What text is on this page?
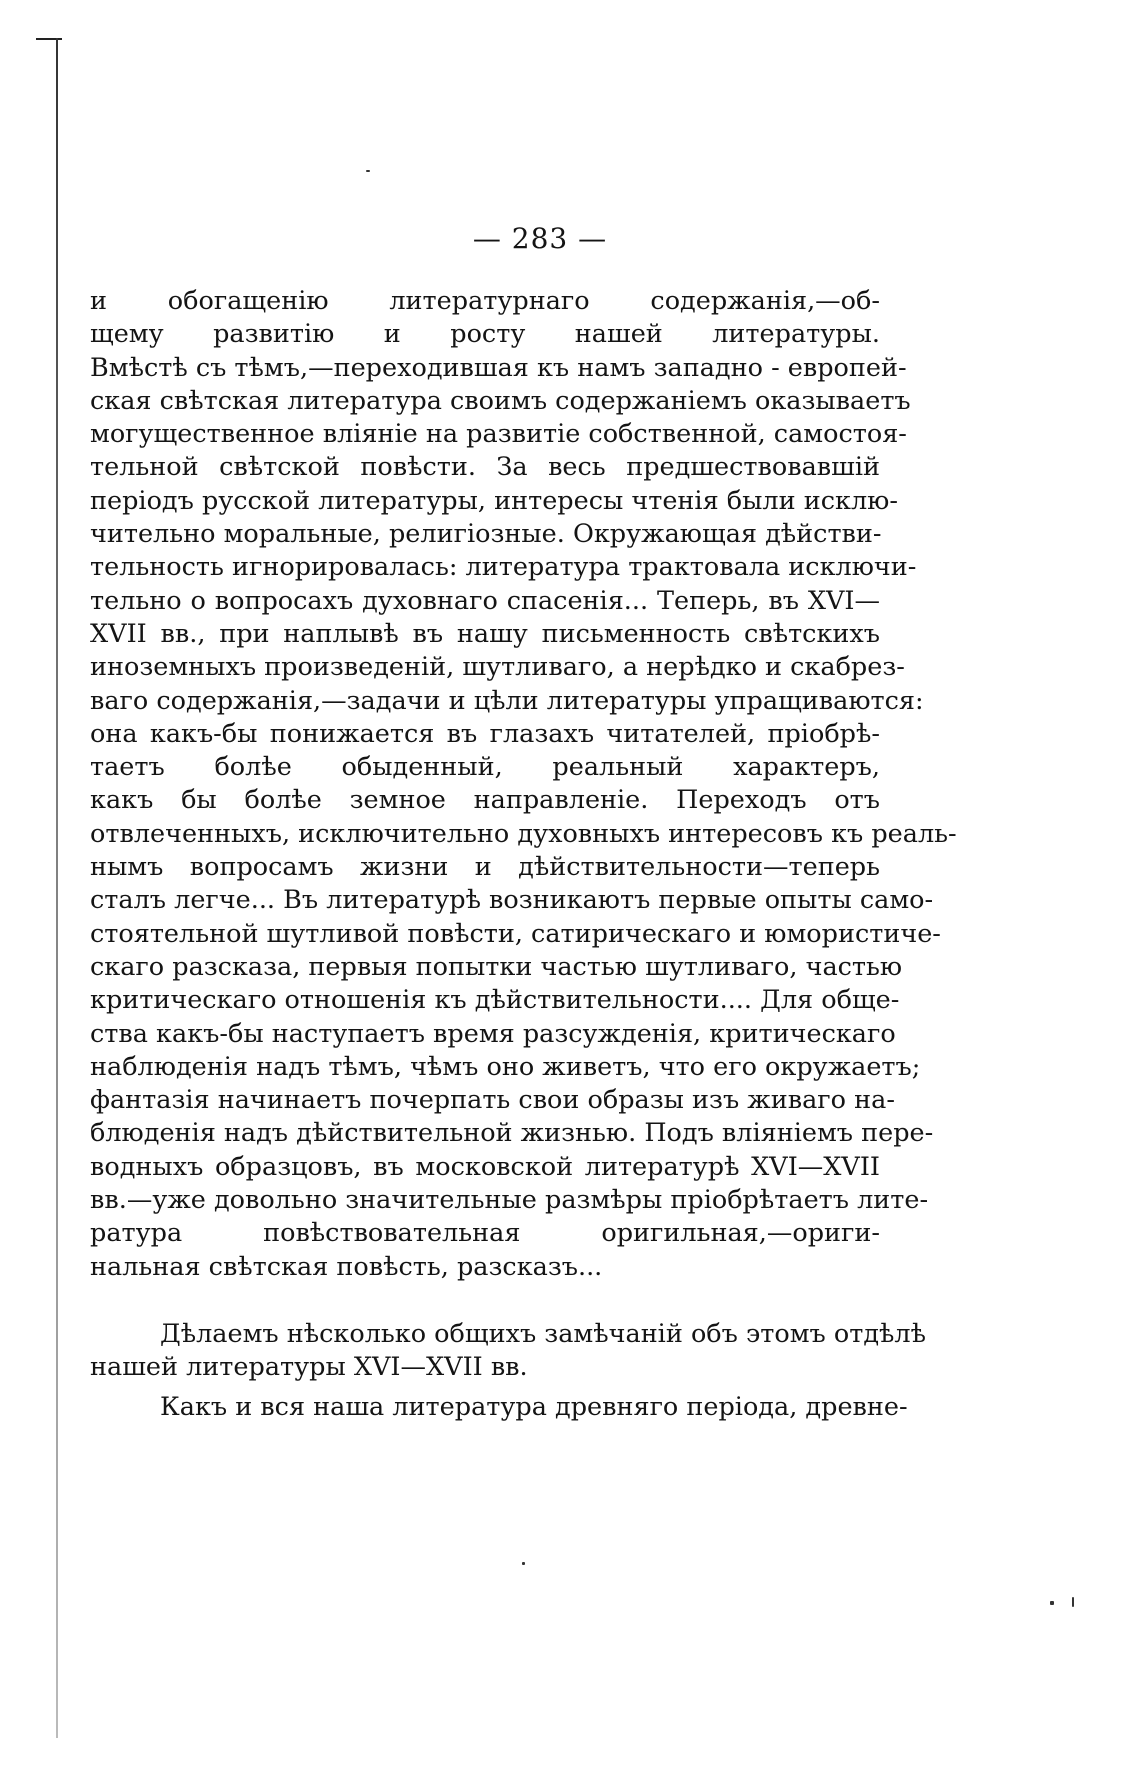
— 283 —
и обогащенію литературнаго содержанія,—об-
щему развитію и росту нашей литературы.
Вмѣстѣ съ тѣмъ,—переходившая къ намъ западно - европей-
ская свѣтская литература своимъ содержаніемъ оказываетъ
могущественное вліяніе на развитіе собственной, самостоя-
тельной свѣтской повѣсти. За весь предшествовавшій
періодъ русской литературы, интересы чтенія были исклю-
чительно моральные, религіозные. Окружающая дѣйстви-
тельность игнорировалась: литература трактовала исключи-
тельно о вопросахъ духовнаго спасенія... Теперь, въ XVI—
XVII вв., при наплывѣ въ нашу письменность свѣтскихъ
иноземныхъ произведеній, шутливаго, а нерѣдко и скабрез-
ваго содержанія,—задачи и цѣли литературы упращиваются:
она какъ-бы понижается въ глазахъ читателей, пріобрѣ-
таетъ болѣе обыденный, реальный характеръ,
какъ бы болѣе земное направленіе. Переходъ отъ
отвлеченныхъ, исключительно духовныхъ интересовъ къ реаль-
нымъ вопросамъ жизни и дѣйствительности—теперь
сталъ легче... Въ литературѣ возникаютъ первые опыты само-
стоятельной шутливой повѣсти, сатирическаго и юмористиче-
скаго разсказа, первыя попытки частью шутливаго, частью
критическаго отношенія къ дѣйствительности.... Для обще-
ства какъ-бы наступаетъ время разсужденія, критическаго
наблюденія надъ тѣмъ, чѣмъ оно живетъ, что его окружаетъ;
фантазія начинаетъ почерпать свои образы изъ живаго на-
блюденія надъ дѣйствительной жизнью. Подъ вліяніемъ пере-
водныхъ образцовъ, въ московской литературѣ XVI—XVII
вв.—уже довольно значительные размѣры пріобрѣтаетъ лите-
ратура повѣствовательная оригильная,—ориги-
нальная свѣтская повѣсть, разсказъ...
Дѣлаемъ нѣсколько общихъ замѣчаній объ этомъ отдѣлѣ
нашей литературы XVI—XVII вв.
Какъ и вся наша литература древняго періода, древне-
